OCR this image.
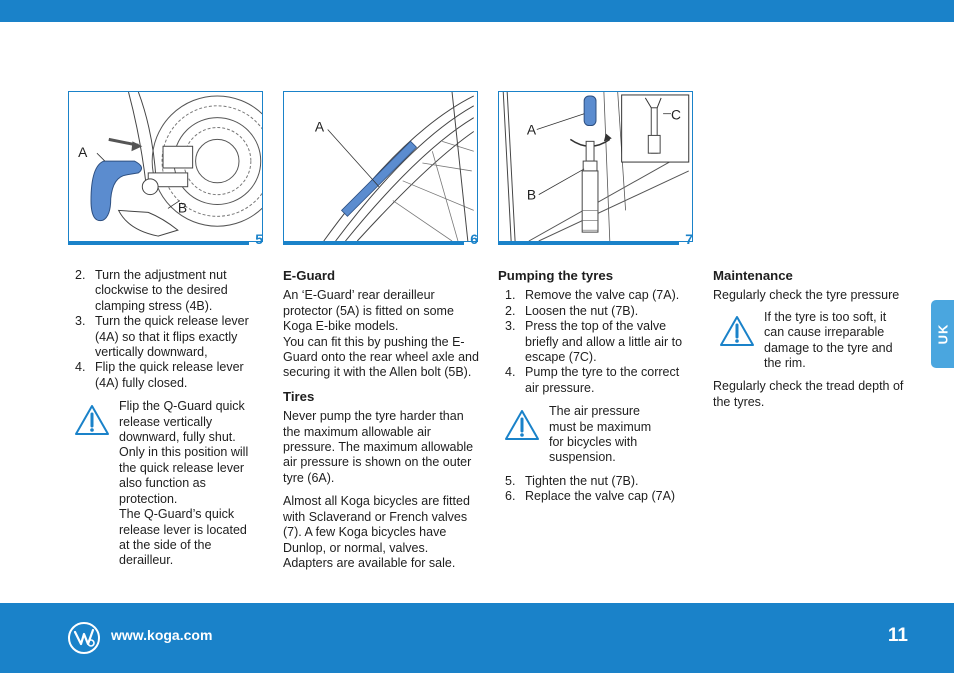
A
B
5
A
6
A
B
C
7
2. Turn the adjustment nut clockwise to the desired clamping stress (4B).
3. Turn the quick release lever (4A) so that it flips exactly vertically downward,
4. Flip the quick release lever (4A) fully closed.

Flip the Q-Guard quick release vertically downward, fully shut. Only in this position will the quick release lever also function as protection.

The Q-Guard’s quick release lever is located at the side of the derailleur.

E-Guard

An ‘E-Guard’ rear derailleur protector (5A) is fitted on some Koga E-bike models.

You can fit this by pushing the E-Guard onto the rear wheel axle and securing it with the Allen bolt (5B).

Tires

Never pump the tyre harder than the maximum allowable air pressure. The maximum allowable air pressure is shown on the outer tyre (6A).

Almost all Koga bicycles are fitted with Sclaverand or French valves (7). A few Koga bicycles have Dunlop, or normal, valves. Adapters are available for sale.

Pumping the tyres
1. Remove the valve cap (7A).
2. Loosen the nut (7B).
3. Press the top of the valve briefly and allow a little air to escape (7C).
4. Pump the tyre to the correct air pressure.

The air pressure must be maximum for bicycles with suspension.

5. Tighten the nut (7B).
6. Replace the valve cap (7A)
Maintenance

Regularly check the tyre pressure

If the tyre is too soft, it can cause irreparable damage to the tyre and the rim.

Regularly check the tread depth of the tyres.

UK
www.koga.com	11
